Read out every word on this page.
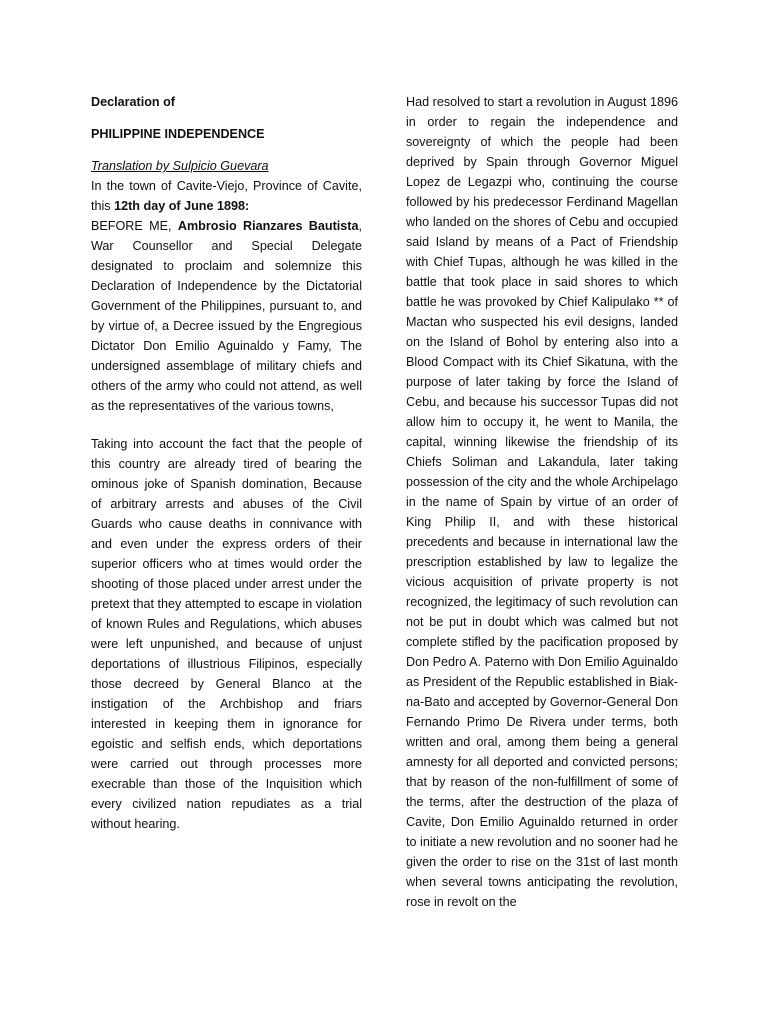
Declaration of

PHILIPPINE INDEPENDENCE

Translation by Sulpicio Guevara

In the town of Cavite-Viejo, Province of Cavite, this 12th day of June 1898:

BEFORE ME, Ambrosio Rianzares Bautista, War Counsellor and Special Delegate designated to proclaim and solemnize this Declaration of Independence by the Dictatorial Government of the Philippines, pursuant to, and by virtue of, a Decree issued by the Engregious Dictator Don Emilio Aguinaldo y Famy, The undersigned assemblage of military chiefs and others of the army who could not attend, as well as the representatives of the various towns,

Taking into account the fact that the people of this country are already tired of bearing the ominous joke of Spanish domination, Because of arbitrary arrests and abuses of the Civil Guards who cause deaths in connivance with and even under the express orders of their superior officers who at times would order the shooting of those placed under arrest under the pretext that they attempted to escape in violation of known Rules and Regulations, which abuses were left unpunished, and because of unjust deportations of illustrious Filipinos, especially those decreed by General Blanco at the instigation of the Archbishop and friars interested in keeping them in ignorance for egoistic and selfish ends, which deportations were carried out through processes more execrable than those of the Inquisition which every civilized nation repudiates as a trial without hearing.

Had resolved to start a revolution in August 1896 in order to regain the independence and sovereignty of which the people had been deprived by Spain through Governor Miguel Lopez de Legazpi who, continuing the course followed by his predecessor Ferdinand Magellan who landed on the shores of Cebu and occupied said Island by means of a Pact of Friendship with Chief Tupas, although he was killed in the battle that took place in said shores to which battle he was provoked by Chief Kalipulako ** of Mactan who suspected his evil designs, landed on the Island of Bohol by entering also into a Blood Compact with its Chief Sikatuna, with the purpose of later taking by force the Island of Cebu, and because his successor Tupas did not allow him to occupy it, he went to Manila, the capital, winning likewise the friendship of its Chiefs Soliman and Lakandula, later taking possession of the city and the whole Archipelago in the name of Spain by virtue of an order of King Philip II, and with these historical precedents and because in international law the prescription established by law to legalize the vicious acquisition of private property is not recognized, the legitimacy of such revolution can not be put in doubt which was calmed but not complete stifled by the pacification proposed by Don Pedro A. Paterno with Don Emilio Aguinaldo as President of the Republic established in Biak-na-Bato and accepted by Governor-General Don Fernando Primo De Rivera under terms, both written and oral, among them being a general amnesty for all deported and convicted persons; that by reason of the non-fulfillment of some of the terms, after the destruction of the plaza of Cavite, Don Emilio Aguinaldo returned in order to initiate a new revolution and no sooner had he given the order to rise on the 31st of last month when several towns anticipating the revolution, rose in revolt on the
